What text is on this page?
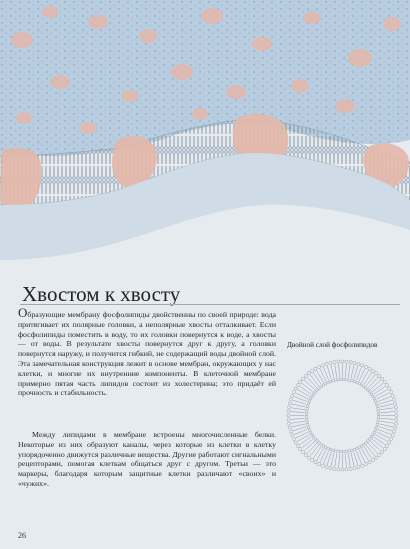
Хвостом к хвосту

Образующие мембрану фосфолипиды двойственны по своей природе: вода притягивает их полярные головки, а неполярные хвосты отталкивает. Если фосфолипиды поместить в воду, то их головки повернутся к воде, а хвосты — от воды. В результате хвосты повернутся друг к другу, а головки повернутся наружу, и получится гибкий, не содержащий воды двойной слой. Эта замечательная конструкция лежит в основе мембран, окружающих у нас клетки, и многие их внутренние компоненты. В клеточной мембране примерно пятая часть липидов состоит из холестерина; это придаёт ей прочность и стабильность.

Между липидами в мембране встроены многочисленные белки. Некоторые из них образуют каналы, через которые из клетки в клетку упорядоченно движутся различные вещества. Другие работают сигнальными рецепторами, помогая клеткам общаться друг с другом. Третьи — это маркеры, благодаря которым защитные клетки различают «своих» и «чужих».

Двойной слой фосфолипидов
26
